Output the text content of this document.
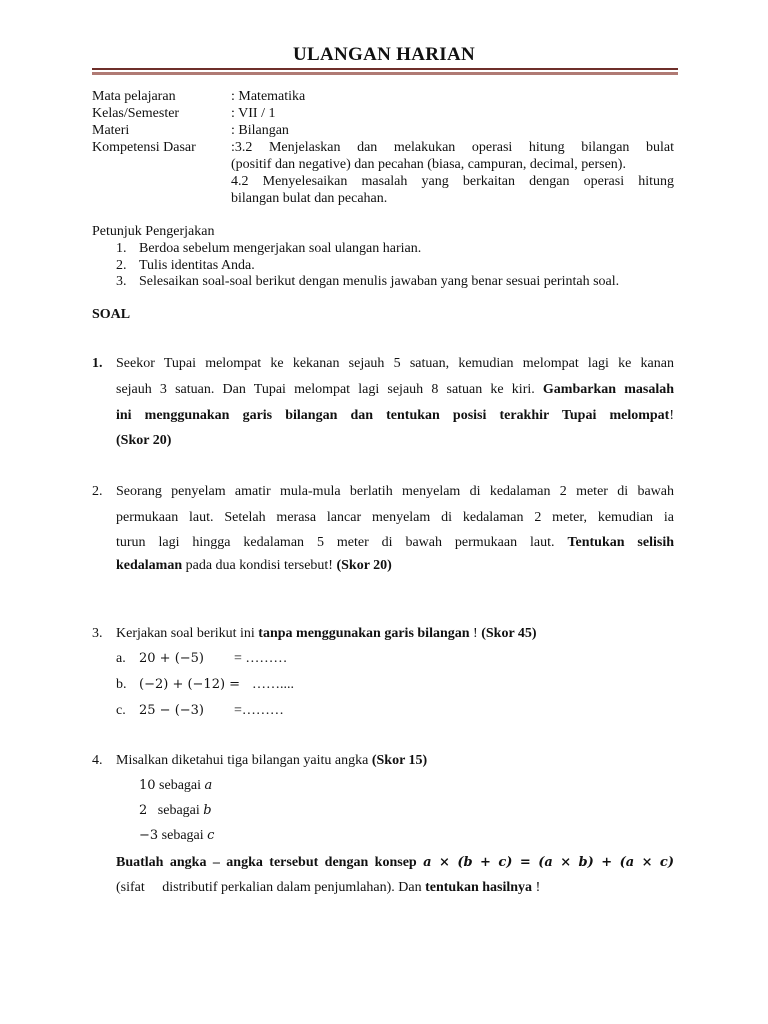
ULANGAN HARIAN
Mata pelajaran	: Matematika
Kelas/Semester	: VII / 1
Materi	: Bilangan
Kompetensi Dasar	:3.2 Menjelaskan dan melakukan operasi hitung bilangan bulat
(positif dan negative) dan pecahan (biasa, campuran, decimal, persen).
4.2 Menyelesaikan masalah yang berkaitan dengan operasi hitung
bilangan bulat dan pecahan.
Petunjuk Pengerjakan
1. Berdoa sebelum mengerjakan soal ulangan harian.
2. Tulis identitas Anda.
3. Selesaikan soal-soal berikut dengan menulis jawaban yang benar sesuai perintah soal.
SOAL
1. Seekor Tupai melompat ke kekanan sejauh 5 satuan, kemudian melompat lagi ke kanan
sejauh 3 satuan. Dan Tupai melompat lagi sejauh 8 satuan ke kiri. Gambarkan masalah
ini menggunakan garis bilangan dan tentukan posisi terakhir Tupai melompat!
(Skor 20)
2. Seorang penyelam amatir mula-mula berlatih menyelam di kedalaman 2 meter di bawah
permukaan laut. Setelah merasa lancar menyelam di kedalaman 2 meter, kemudian ia
turun lagi hingga kedalaman 5 meter di bawah permukaan laut. Tentukan selisih
kedalaman pada dua kondisi tersebut! (Skor 20)
3. Kerjakan soal berikut ini tanpa menggunakan garis bilangan ! (Skor 45)
a. 20 + (−5) = ………
b. (−2) + (−12) = ……....
c. 25 − (−3) =………
4. Misalkan diketahui tiga bilangan yaitu angka (Skor 15)
10 sebagai a
2   sebagai b
−3 sebagai c
Buatlah angka – angka tersebut dengan konsep a × (b + c) = (a × b) + (a × c)
(sifat     distributif perkalian dalam penjumlahan). Dan tentukan hasilnya !
